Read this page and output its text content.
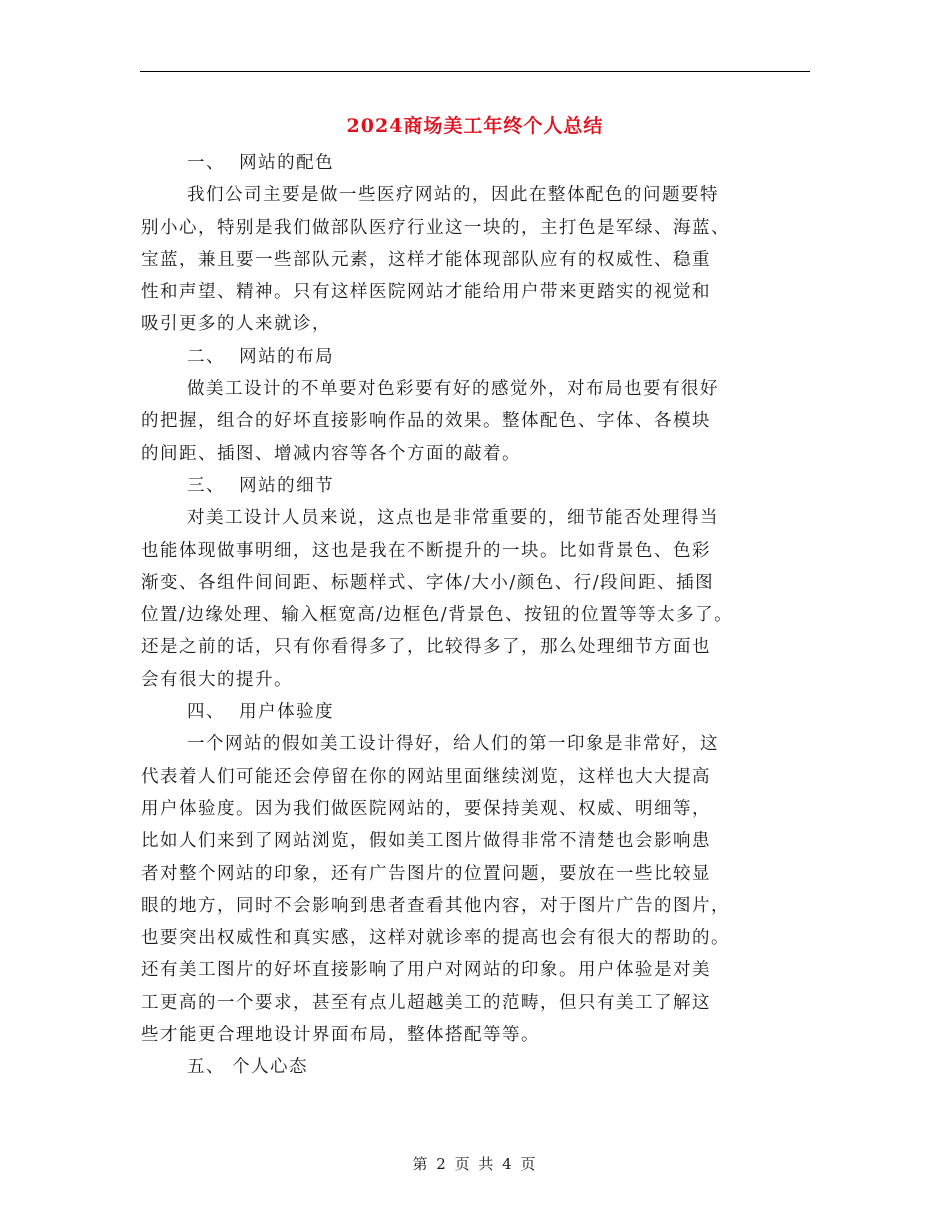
2024商场美工年终个人总结
一、  网站的配色
我们公司主要是做一些医疗网站的，因此在整体配色的问题要特
别小心，特别是我们做部队医疗行业这一块的，主打色是军绿、海蓝、
宝蓝，兼且要一些部队元素，这样才能体现部队应有的权威性、稳重
性和声望、精神。只有这样医院网站才能给用户带来更踏实的视觉和
吸引更多的人来就诊，
二、  网站的布局
做美工设计的不单要对色彩要有好的感觉外，对布局也要有很好
的把握，组合的好坏直接影响作品的效果。整体配色、字体、各模块
的间距、插图、增减内容等各个方面的敲着。
三、  网站的细节
对美工设计人员来说，这点也是非常重要的，细节能否处理得当
也能体现做事明细，这也是我在不断提升的一块。比如背景色、色彩
渐变、各组件间间距、标题样式、字体/大小/颜色、行/段间距、插图
位置/边缘处理、输入框宽高/边框色/背景色、按钮的位置等等太多了。
还是之前的话，只有你看得多了，比较得多了，那么处理细节方面也
会有很大的提升。
四、  用户体验度
一个网站的假如美工设计得好，给人们的第一印象是非常好，这
代表着人们可能还会停留在你的网站里面继续浏览，这样也大大提高
用户体验度。因为我们做医院网站的，要保持美观、权威、明细等，
比如人们来到了网站浏览，假如美工图片做得非常不清楚也会影响患
者对整个网站的印象，还有广告图片的位置问题，要放在一些比较显
眼的地方，同时不会影响到患者查看其他内容，对于图片广告的图片，
也要突出权威性和真实感，这样对就诊率的提高也会有很大的帮助的。
还有美工图片的好坏直接影响了用户对网站的印象。用户体验是对美
工更高的一个要求，甚至有点儿超越美工的范畴，但只有美工了解这
些才能更合理地设计界面布局，整体搭配等等。
五、 个人心态
第 2 页 共 4 页
